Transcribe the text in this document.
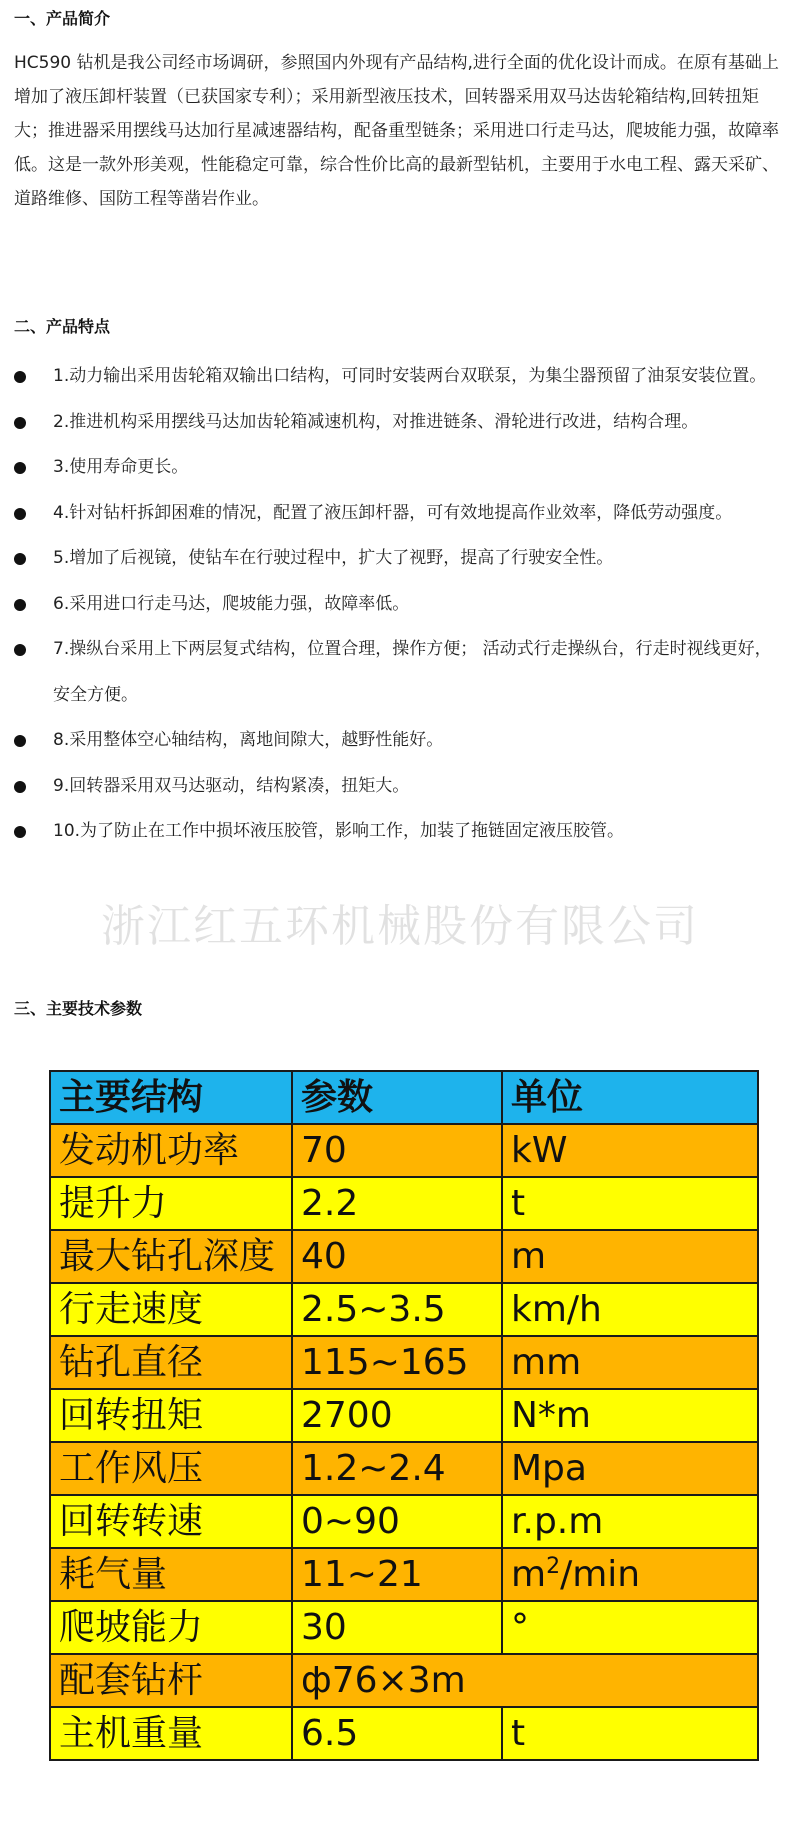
一、产品简介

HC590 钻机是我公司经市场调研，参照国内外现有产品结构,进行全面的优化设计而成。在原有基础上增加了液压卸杆装置（已获国家专利）；采用新型液压技术，回转器采用双马达齿轮箱结构,回转扭矩大；推进器采用摆线马达加行星减速器结构，配备重型链条；采用进口行走马达，爬坡能力强，故障率低。这是一款外形美观，性能稳定可靠，综合性价比高的最新型钻机，主要用于水电工程、露天采矿、道路维修、国防工程等凿岩作业。

二、产品特点
1.动力输出采用齿轮箱双输出口结构，可同时安装两台双联泵，为集尘器预留了油泵安装位置。
2.推进机构采用摆线马达加齿轮箱减速机构，对推进链条、滑轮进行改进，结构合理。
3.使用寿命更长。
4.针对钻杆拆卸困难的情况，配置了液压卸杆器，可有效地提高作业效率，降低劳动强度。
5.增加了后视镜，使钻车在行驶过程中，扩大了视野，提高了行驶安全性。
6.采用进口行走马达，爬坡能力强，故障率低。
7.操纵台采用上下两层复式结构，位置合理，操作方便； 活动式行走操纵台，行走时视线更好，安全方便。
8.采用整体空心轴结构，离地间隙大，越野性能好。
9.回转器采用双马达驱动，结构紧凑，扭矩大。
10.为了防止在工作中损坏液压胶管，影响工作，加装了拖链固定液压胶管。
浙江红五环机械股份有限公司
三、主要技术参数
主要结构	参数	单位
发动机功率	70	kW
提升力	2.2	t
最大钻孔深度	40	m
行走速度	2.5~3.5	km/h
钻孔直径	115~165	mm
回转扭矩	2700	N*m
工作风压	1.2~2.4	Mpa
回转转速	0~90	r.p.m
耗气量	11~21	$m^2/\min$
爬坡能力	30	°
配套钻杆	ф76×3m	
主机重量	6.5	t
